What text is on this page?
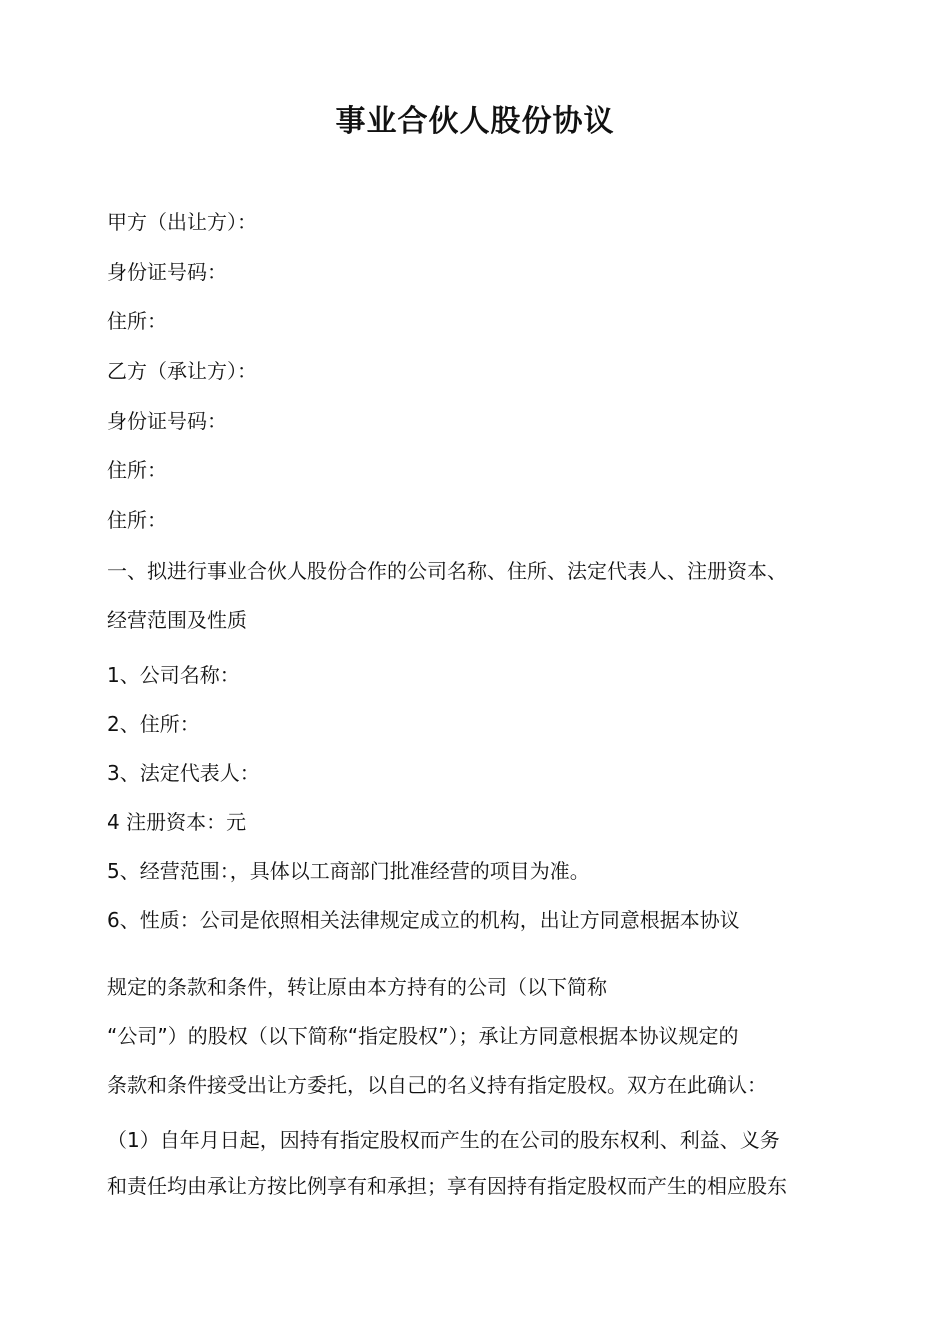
事业合伙人股份协议
甲方（出让方）：
身份证号码：
住所：
乙方（承让方）：
身份证号码：
住所：
住所：
一、拟进行事业合伙人股份合作的公司名称、住所、法定代表人、注册资本、
经营范围及性质
1、公司名称：
2、住所：
3、法定代表人：
4 注册资本：元
5、经营范围：，具体以工商部门批准经营的项目为准。
6、性质：公司是依照相关法律规定成立的机构，出让方同意根据本协议
规定的条款和条件，转让原由本方持有的公司（以下简称
“公司”）的股权（以下简称“指定股权”）；承让方同意根据本协议规定的
条款和条件接受出让方委托，以自己的名义持有指定股权。双方在此确认：
（1）自年月日起，因持有指定股权而产生的在公司的股东权利、利益、义务
和责任均由承让方按比例享有和承担；享有因持有指定股权而产生的相应股东
